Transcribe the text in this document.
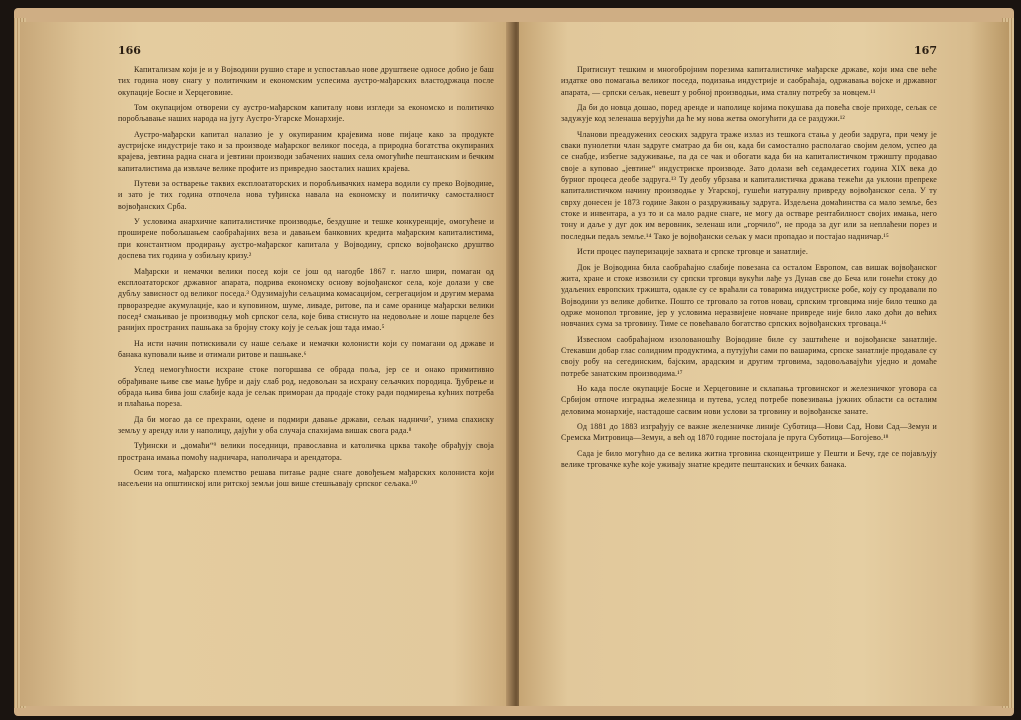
166

Капитализам који је и у Војводини рушио старе и успостављао нове друштвене односе добио је баш тих година нову снагу у политичким и економским успесима аустро-мађарских властодржаца после окупације Босне и Херцеговине.

Том окупацијом отворени су аустро-мађарском капиталу нови изгледи за економско и политичко поробљавање наших народа на југу Аустро-Угарске Монархије.

Аустро-мађарски капитал налазио је у окупираним крајевима нове пијаце како за продукте аустријске индустрије тако и за производе мађарског великог поседа, а природна богатства окупираних крајева, јевтина радна снага и јевтини производи забачених наших села омогућиће пештанским и бечким капиталистима да извлаче велике профите из привредно заосталих наших крајева.

Путеви за остварење таквих експлоататорских и поробљивачких намера водили су преко Војводине, и зато је тих година отпочела нова туђинска навала на економску и политичку самосталност војвођанских Срба.

У условима анархичне капиталистичке производње, бездушне и тешке конкуренције, омогућене и проширене побољшањем саобраћајних веза и давањем банковних кредита мађарским капиталистима, при константном продирању аустро-мађарског капитала у Војводину, српско војвођанско друштво доспева тих година у озбиљну кризу.²

Мађарски и немачки велики посед који се још од нагодбе 1867 г. нагло шири, помаган од експлоататорског државног апарата, подрива економску основу војвођанског села, које долази у све дубљу зависност од великог поседа.³ Одузимајући сељацима комасацијом, сегрегацијом и другим мерама прворазредне акумулације, као и куповином, шуме, ливаде, ритове, па и саме оранице мађарски велики посед⁴ смањивао је производњу моћ српског села, које бива стиснуто на недовољне и лоше парцеле без ранијих пространих пашњака за бројну стоку коју је сељак још тада имао.⁵

На исти начин потискивали су наше сељаке и немачки колонисти који су помагани од државе и банака куповали њиве и отимали ритове и пашњаке.⁶

Услед немогућности исхране стоке погоршава се обрада поља, јер се и онако примитивно обрађиване њиве све мање ђубре и дају слаб род, недовољан за исхрану сељачких породица. Ђубрење и обрада њива бива још слабије када је сељак приморан да продаје стоку ради подмирења кућних потреба и плаћања пореза.

Да би могао да се прехрани, одене и подмири давање држави, сељак надничи⁷, узима спахиску земљу у аренду или у наполицу, дајући у оба случаја спахијама вишак свога рада.⁸

Туђински и „домаћи“⁹ велики поседници, православна и католичка црква такође обрађују своја пространа имања помоћу надничара, наполичара и арендатора.

Осим тога, мађарско племство решава питање радне снаге довођењем мађарских колониста који насељени на општинској или ритској земљи још више стешњавају српског сељака.¹⁰

167

Притиснут тешким и многобројним порезима капиталистичке мађарске државе, који има све веће издатке ово помагања великог поседа, подизања индустрије и саобраћаја, одржавања војске и државног апарата, — српски сељак, невешт у робној производњи, има сталну потребу за новцем.¹¹

Да би до новца дошао, поред аренде и наполице којима покушава да повећа своје приходе, сељак се задужује код зеленаша верујући да ће му нова жетва омогућити да се раздужи.¹²

Чланови преадужених сеоских задруга траже излаз из тешкога стања у деоби задруга, при чему је сваки пунолетни члан задруге сматрао да би он, када би самостално располагао својим делом, успео да се снабде, избегне задуживање, па да се чак и обогати када би на капиталистичком тржишту продавао своје а куповао „јевтине“ индустриске производе. Зато долази већ седамдесетих година XIX века до бурног процеса деобе задруга.¹³ Ту деобу убрзава и капиталистичка држава тежећи да уклони препреке капиталистичком начину производње у Угарској, гушећи натуралну привреду војвођанског села. У ту сврху донесен је 1873 године Закон о раздруживању задруга. Издељена домаћинства са мало земље, без стоке и инвентара, а уз то и са мало радне снаге, не могу да остваре рентабилност својих имања, него тону и даље у дуг док им веровник, зеленаш или „горчило“, не прода за дуг или за неплаћени порез и последњи педаљ земље.¹⁴ Тако је војвођански сељак у маси пропадао и постајао надничар.¹⁵

Исти процес пауперизације захвата и српске трговце и занатлије.

Док је Војводина била саобраћајно слабије повезана са осталом Европом, сав вишак војвођанског жита, хране и стоке извозили су српски трговци вукући лађе уз Дунав све до Беча или гонећи стоку до удаљених европских тржишта, одакле су се враћали са товарима индустриске робе, коју су продавали по Војводини уз велике добитке. Пошто се трговало за готов новац, српским трговцима није било тешко да одрже монопол трговине, јер у условима неразвијене новчане привреде није било лако доћи до већих новчаних сума за трговину. Тиме се повећавало богатство српских војвођанских трговаца.¹⁶

Извесном саобраћајном изолованошћу Војводине биле су заштићене и војвођанске занатлије. Стекавши добар глас солидним продуктима, а путујући сами по вашарима, српске занатлије продавале су своју робу на сегединским, бајским, арадским и другим трговима, задовољавајући уједно и домаће потребе занатским производима.¹⁷

Но када после окупације Босне и Херцеговине и склапања трговинског и железничког уговора са Србијом отпоче изградња железница и путева, услед потребе повезивања јужних области са осталим деловима монархије, настадоше сасвим нови услови за трговину и војвођанске занате.

Од 1881 до 1883 изграђују се важне железничке линије Суботица—Нови Сад, Нови Сад—Земун и Сремска Митровица—Земун, а већ од 1870 године постојала је пруга Суботица—Богојево.¹⁸

Сада је било могућно да се велика житна трговина сконцентрише у Пешти и Бечу, где се појављују велике трговачке куће које уживају знатне кредите пештанских и бечких банака.
